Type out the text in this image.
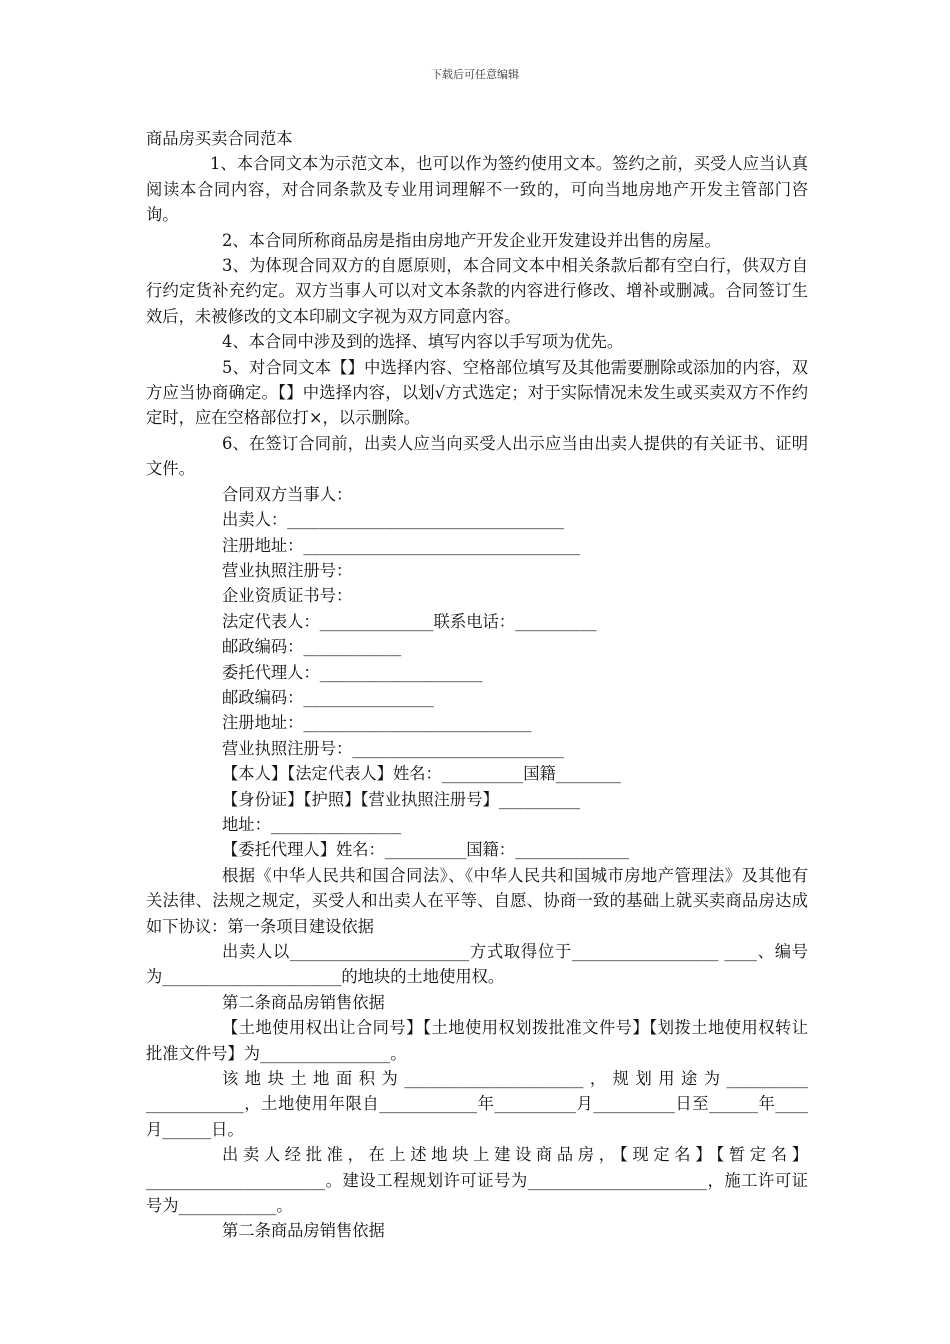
下载后可任意编辑

商品房买卖合同范本

1、本合同文本为示范文本，也可以作为签约使用文本。签约之前，买受人应当认真阅读本合同内容，对合同条款及专业用词理解不一致的，可向当地房地产开发主管部门咨询。

2、本合同所称商品房是指由房地产开发企业开发建设并出售的房屋。

3、为体现合同双方的自愿原则，本合同文本中相关条款后都有空白行，供双方自行约定货补充约定。双方当事人可以对文本条款的内容进行修改、增补或删减。合同签订生效后，未被修改的文本印刷文字视为双方同意内容。

4、本合同中涉及到的选择、填写内容以手写项为优先。

5、对合同文本【】中选择内容、空格部位填写及其他需要删除或添加的内容，双方应当协商确定。【】中选择内容，以划√方式选定；对于实际情况未发生或买卖双方不作约定时，应在空格部位打×，以示删除。

6、在签订合同前，出卖人应当向买受人出示应当由出卖人提供的有关证书、证明文件。

合同双方当事人：

出卖人：__________________________________

注册地址：__________________________________

营业执照注册号：

企业资质证书号：

法定代表人：______________联系电话：__________

邮政编码：____________

委托代理人：____________________

邮政编码：________________

注册地址：____________________________

营业执照注册号：__________________________

【本人】【法定代表人】姓名：__________国籍________

【身份证】【护照】【营业执照注册号】__________

地址：________________

【委托代理人】姓名：__________国籍：______________

根据《中华人民共和国合同法》、《中华人民共和国城市房地产管理法》及其他有关法律、法规之规定，买受人和出卖人在平等、自愿、协商一致的基础上就买卖商品房达成如下协议：第一条项目建设依据

出卖人以______________________方式取得位于__________________ ____、编号为______________________的地块的土地使用权。

第二条商品房销售依据

【土地使用权出让合同号】【土地使用权划拨批准文件号】【划拨土地使用权转让批准文件号】为________________。

该地块土地面积为______________________，规划用途为__________ ____________，土地使用年限自____________年__________月__________日至______年____月______日。

出卖人经批准，在上述地块上建设商品房，【现定名】【暂定名】______________________。建设工程规划许可证号为______________________，施工许可证号为____________。

第二条商品房销售依据
